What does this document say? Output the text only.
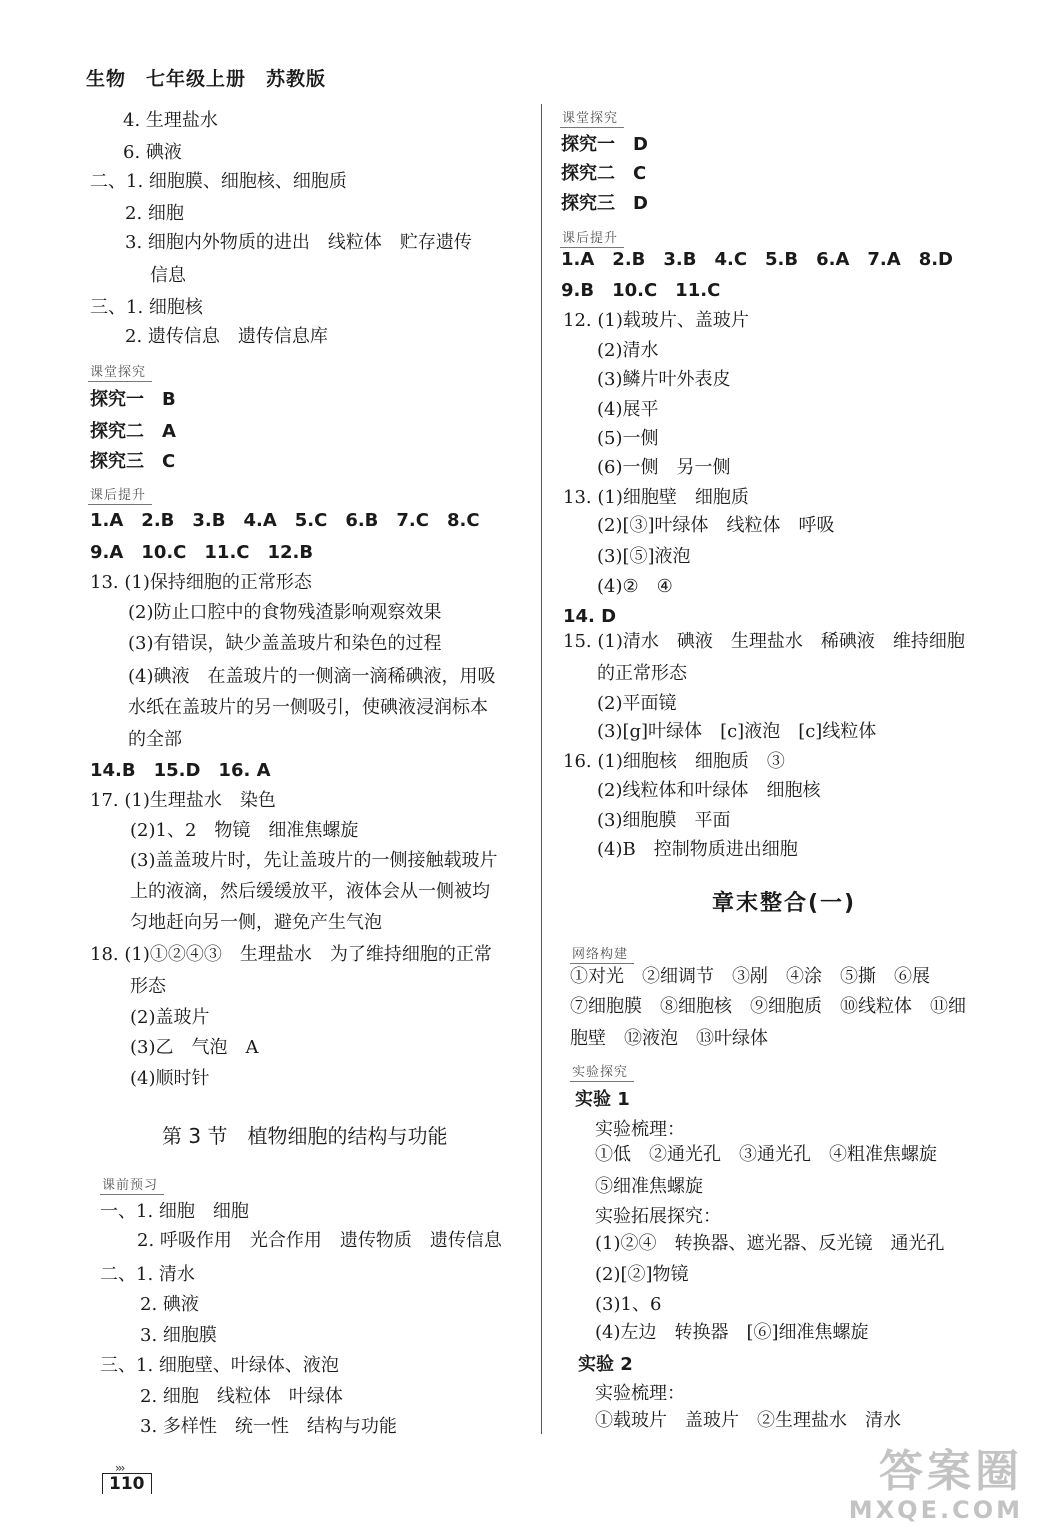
生物　七年级上册　苏教版
4. 生理盐水
6. 碘液
二、1. 细胞膜、细胞核、细胞质
2. 细胞
3. 细胞内外物质的进出　线粒体　贮存遗传
信息
三、1. 细胞核
2. 遗传信息　遗传信息库
1.A　2.B　3.B　4.A　5.C　6.B　7.C　8.C
9.A　10.C　11.C　12.B
13. (1)保持细胞的正常形态
(2)防止口腔中的食物残渣影响观察效果
(3)有错误，缺少盖盖玻片和染色的过程
(4)碘液　在盖玻片的一侧滴一滴稀碘液，用吸
水纸在盖玻片的另一侧吸引，使碘液浸润标本
的全部
14.B　15.D　16. A
17. (1)生理盐水　染色
(2)1、2　物镜　细准焦螺旋
(3)盖盖玻片时，先让盖玻片的一侧接触载玻片
上的液滴，然后缓缓放平，液体会从一侧被均
匀地赶向另一侧，避免产生气泡
18. (1)①②④③　生理盐水　为了维持细胞的正常
形态
(2)盖玻片
(3)乙　气泡　A
(4)顺时针
一、1. 细胞　细胞
2. 呼吸作用　光合作用　遗传物质　遗传信息
二、1. 清水
2. 碘液
3. 细胞膜
三、1. 细胞壁、叶绿体、液泡
2. 细胞　线粒体　叶绿体
3. 多样性　统一性　结构与功能
探究一　B
探究二　A
探究三　C
课堂探究
课后提升
课前预习
1.A　2.B　3.B　4.C　5.B　6.A　7.A　8.D
9.B　10.C　11.C
12. (1)载玻片、盖玻片
(2)清水
(3)鳞片叶外表皮
(4)展平
(5)一侧
(6)一侧　另一侧
13. (1)细胞壁　细胞质
(2)[③]叶绿体　线粒体　呼吸
(3)[⑤]液泡
(4)②　④
14. D
15. (1)清水　碘液　生理盐水　稀碘液　维持细胞
的正常形态
(2)平面镜
(3)[g]叶绿体　[c]液泡　[c]线粒体
16. (1)细胞核　细胞质　③
(2)线粒体和叶绿体　细胞核
(3)细胞膜　平面
(4)B　控制物质进出细胞
①对光　②细调节　③剐　④涂　⑤撕　⑥展
⑦细胞膜　⑧细胞核　⑨细胞质　⑩线粒体　⑪细
胞壁　⑫液泡　⑬叶绿体
实验 1
实验梳理：
①低　②通光孔　③通光孔　④粗准焦螺旋
⑤细准焦螺旋
实验拓展探究：
(1)②④　转换器、遮光器、反光镜　通光孔
(2)[②]物镜
(3)1、6
(4)左边　转换器　[⑥]细准焦螺旋
实验 2
实验梳理：
①载玻片　盖玻片　②生理盐水　清水
探究一　D
探究二　C
探究三　D
课堂探究
课后提升
网络构建
实验探究
第 3 节　植物细胞的结构与功能
章末整合(一)
›››
110	答案圈
MXQE.COM
